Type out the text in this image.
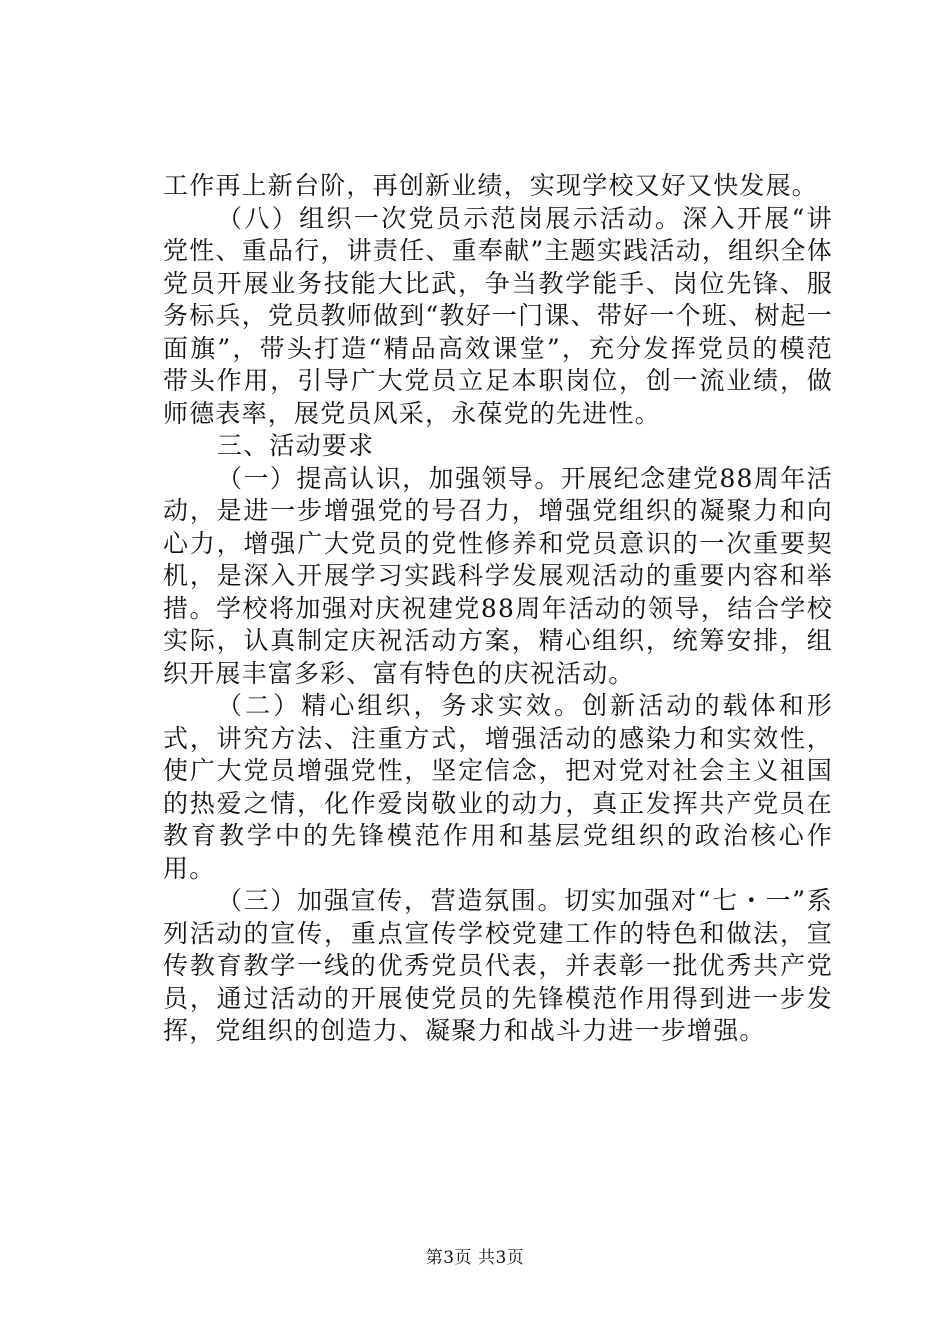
工作再上新台阶，再创新业绩，实现学校又好又快发展。

（八）组织一次党员示范岗展示活动。深入开展“讲党性、重品行，讲责任、重奉献”主题实践活动，组织全体党员开展业务技能大比武，争当教学能手、岗位先锋、服务标兵，党员教师做到“教好一门课、带好一个班、树起一面旗”，带头打造“精品高效课堂”，充分发挥党员的模范带头作用，引导广大党员立足本职岗位，创一流业绩，做师德表率，展党员风采，永葆党的先进性。

三、活动要求

（一）提高认识，加强领导。开展纪念建党88周年活动，是进一步增强党的号召力，增强党组织的凝聚力和向心力，增强广大党员的党性修养和党员意识的一次重要契机，是深入开展学习实践科学发展观活动的重要内容和举措。学校将加强对庆祝建党88周年活动的领导，结合学校实际，认真制定庆祝活动方案，精心组织，统筹安排，组织开展丰富多彩、富有特色的庆祝活动。

（二）精心组织，务求实效。创新活动的载体和形式，讲究方法、注重方式，增强活动的感染力和实效性，使广大党员增强党性，坚定信念，把对党对社会主义祖国的热爱之情，化作爱岗敬业的动力，真正发挥共产党员在教育教学中的先锋模范作用和基层党组织的政治核心作用。

（三）加强宣传，营造氛围。切实加强对“七・一”系列活动的宣传，重点宣传学校党建工作的特色和做法，宣传教育教学一线的优秀党员代表，并表彰一批优秀共产党员，通过活动的开展使党员的先锋模范作用得到进一步发挥，党组织的创造力、凝聚力和战斗力进一步增强。

第3页 共3页
